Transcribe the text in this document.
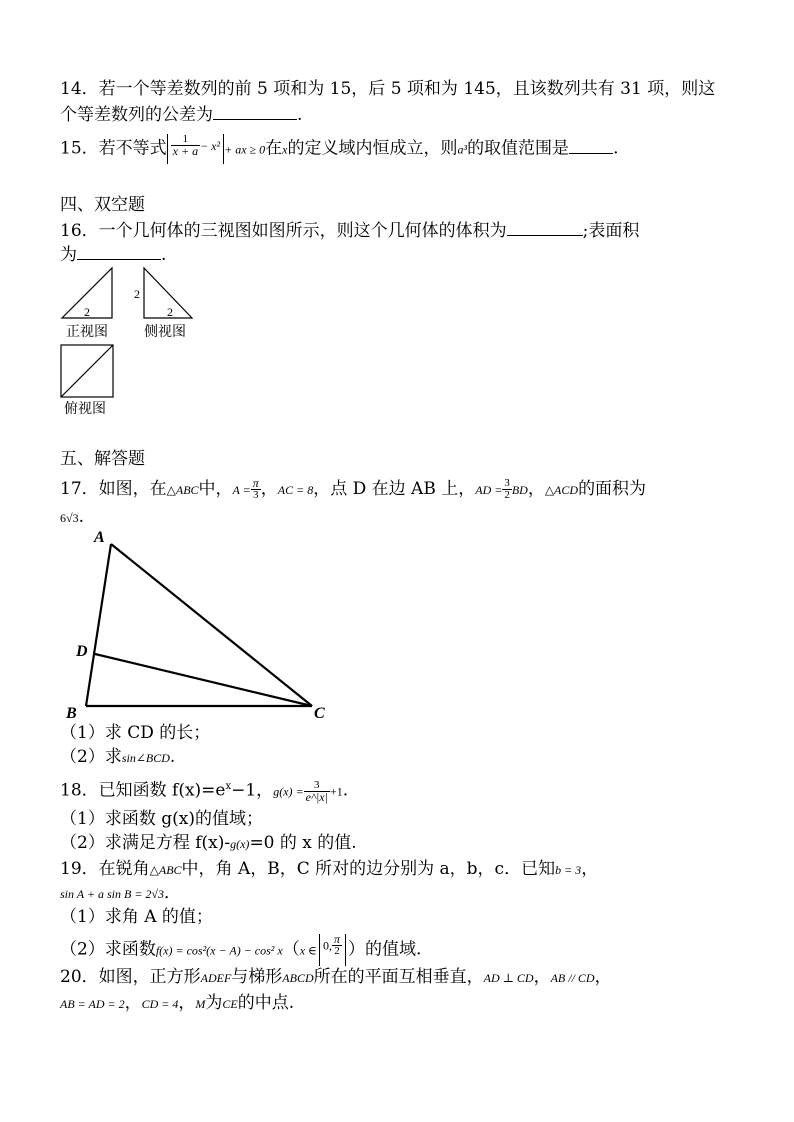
14．若一个等差数列的前 5 项和为 15，后 5 项和为 145，且该数列共有 31 项，则这
个等差数列的公差为	.
15．若不等式 $\frac{1}{x + a} - x^2$ + ax ≥ 0在x的定义域内恒成立，则a³的取值范围是	.
四、双空题
16．一个几何体的三视图如图所示，则这个几何体的体积为	;表面积
为	.
2
正视图
2
2
侧视图
俯视图
五、解答题
17．如图，在△ABC中，$A = \frac{\pi}{3}$ ，AC = 8，点 D 在边 AB 上，AD = $\frac{3}{2}$ BD，△ACD的面积为
6√3.
A
B	C
D
（1）求 CD 的长；
（2）求sin∠BCD.
18．已知函数 $f(x)=e^x-1$，$g(x) = \frac{3}{e\^{}|x|} +1$.
（1）求函数 g(x)的值域；
（2）求满足方程 f(x)-g(x)=0 的 x 的值.
19．在锐角△ABC中，角 A，B，C 所对的边分别为 a，b，c．已知b = 3，
sin A + a sin B = 2√3．
（1）求角 A 的值；
（2）求函数f(x) = cos²(x − A) − cos² x（x ∈ 0, $\frac{\pi}{2}$ ）的值域.
20．如图，正方形ADEF与梯形ABCD所在的平面互相垂直，AD ⊥ CD，AB // CD，
AB = AD = 2，CD = 4，M为CE的中点.
